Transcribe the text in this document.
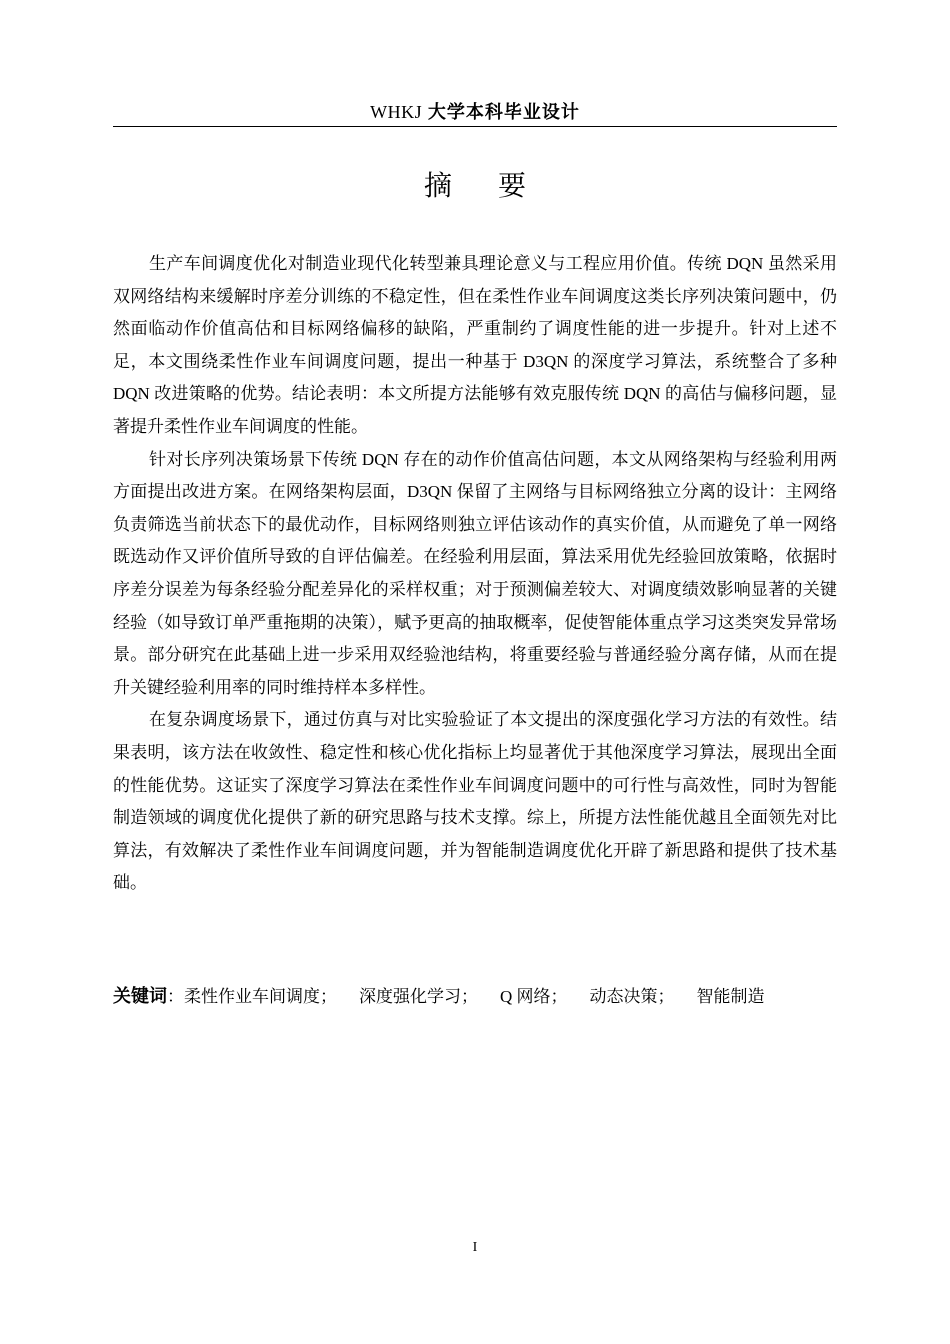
WHKJ 大学本科毕业设计
摘要

生产车间调度优化对制造业现代化转型兼具理论意义与工程应用价值。传统 DQN 虽然采用双网络结构来缓解时序差分训练的不稳定性，但在柔性作业车间调度这类长序列决策问题中，仍然面临动作价值高估和目标网络偏移的缺陷，严重制约了调度性能的进一步提升。针对上述不足，本文围绕柔性作业车间调度问题，提出一种基于 D3QN 的深度学习算法，系统整合了多种 DQN 改进策略的优势。结论表明：本文所提方法能够有效克服传统 DQN 的高估与偏移问题，显著提升柔性作业车间调度的性能。

针对长序列决策场景下传统 DQN 存在的动作价值高估问题，本文从网络架构与经验利用两方面提出改进方案。在网络架构层面，D3QN 保留了主网络与目标网络独立分离的设计：主网络负责筛选当前状态下的最优动作，目标网络则独立评估该动作的真实价值，从而避免了单一网络既选动作又评价值所导致的自评估偏差。在经验利用层面，算法采用优先经验回放策略，依据时序差分误差为每条经验分配差异化的采样权重；对于预测偏差较大、对调度绩效影响显著的关键经验（如导致订单严重拖期的决策），赋予更高的抽取概率，促使智能体重点学习这类突发异常场景。部分研究在此基础上进一步采用双经验池结构，将重要经验与普通经验分离存储，从而在提升关键经验利用率的同时维持样本多样性。

在复杂调度场景下，通过仿真与对比实验验证了本文提出的深度强化学习方法的有效性。结果表明，该方法在收敛性、稳定性和核心优化指标上均显著优于其他深度学习算法，展现出全面的性能优势。这证实了深度学习算法在柔性作业车间调度问题中的可行性与高效性，同时为智能制造领域的调度优化提供了新的研究思路与技术支撑。综上，所提方法性能优越且全面领先对比算法，有效解决了柔性作业车间调度问题，并为智能制造调度优化开辟了新思路和提供了技术基础。

关键词：柔性作业车间调度； 深度强化学习； Q 网络； 动态决策； 智能制造
I
